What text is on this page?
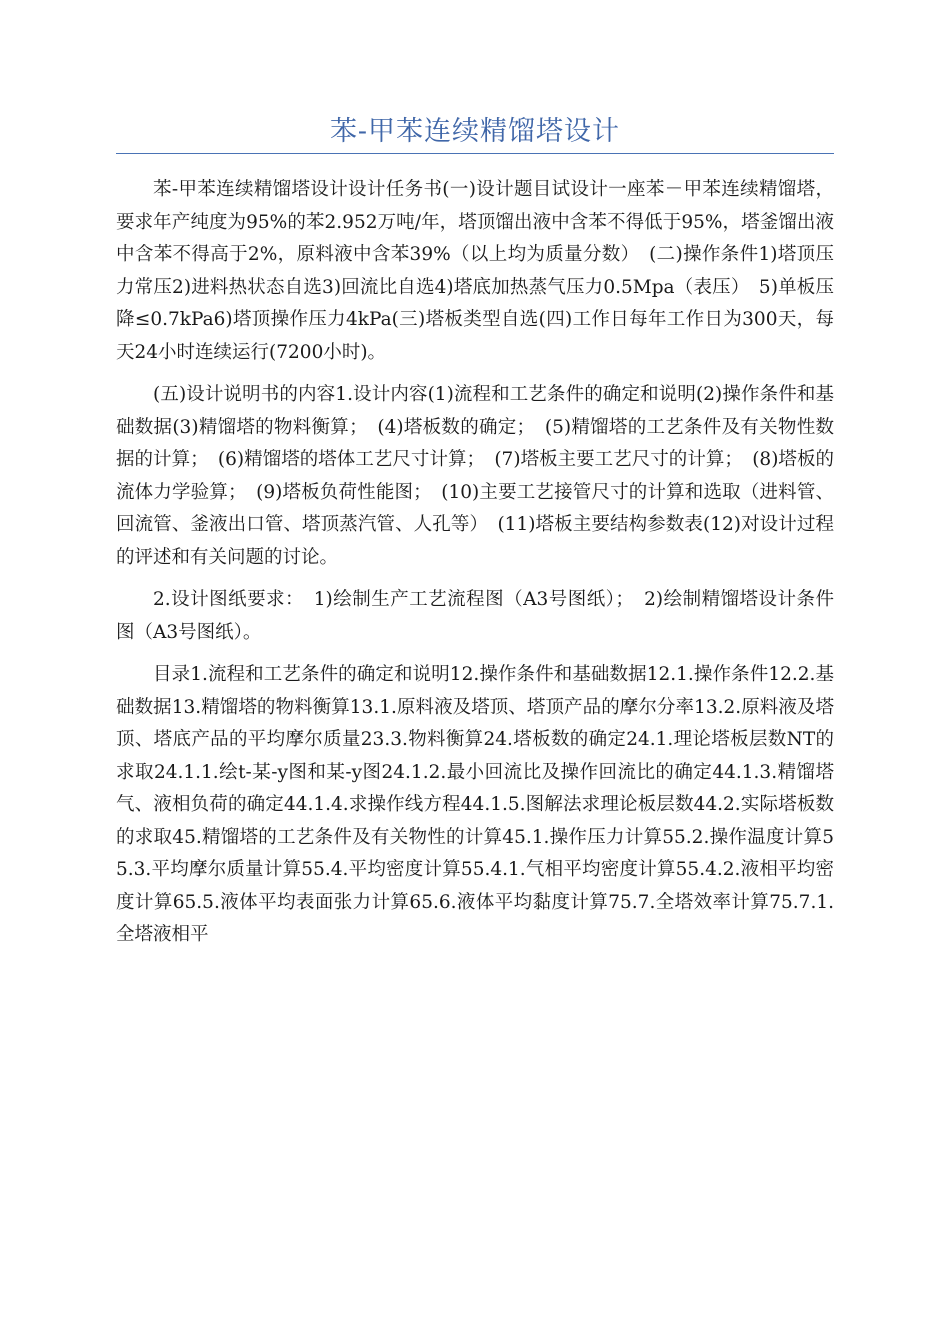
苯-甲苯连续精馏塔设计

苯-甲苯连续精馏塔设计设计任务书(一)设计题目试设计一座苯－甲苯连续精馏塔，要求年产纯度为95%的苯2.952万吨/年，塔顶馏出液中含苯不得低于95%，塔釜馏出液中含苯不得高于2%，原料液中含苯39%（以上均为质量分数）　(二)操作条件1)塔顶压力常压2)进料热状态自选3)回流比自选4)塔底加热蒸气压力0.5Mpa（表压）　5)单板压降≤0.7kPa6)塔顶操作压力4kPa(三)塔板类型自选(四)工作日每年工作日为300天，每天24小时连续运行(7200小时)。

(五)设计说明书的内容1.设计内容(1)流程和工艺条件的确定和说明(2)操作条件和基础数据(3)精馏塔的物料衡算；　(4)塔板数的确定；　(5)精馏塔的工艺条件及有关物性数据的计算；　(6)精馏塔的塔体工艺尺寸计算；　(7)塔板主要工艺尺寸的计算；　(8)塔板的流体力学验算；　(9)塔板负荷性能图；　(10)主要工艺接管尺寸的计算和选取（进料管、回流管、釜液出口管、塔顶蒸汽管、人孔等）　(11)塔板主要结构参数表(12)对设计过程的评述和有关问题的讨论。

2.设计图纸要求：　1)绘制生产工艺流程图（A3号图纸）；　2)绘制精馏塔设计条件图（A3号图纸）。

目录1.流程和工艺条件的确定和说明12.操作条件和基础数据12.1.操作条件12.2.基础数据13.精馏塔的物料衡算13.1.原料液及塔顶、塔顶产品的摩尔分率13.2.原料液及塔顶、塔底产品的平均摩尔质量23.3.物料衡算24.塔板数的确定24.1.理论塔板层数NT的求取24.1.1.绘t-某-y图和某-y图24.1.2.最小回流比及操作回流比的确定44.1.3.精馏塔气、液相负荷的确定44.1.4.求操作线方程44.1.5.图解法求理论板层数44.2.实际塔板数的求取45.精馏塔的工艺条件及有关物性的计算45.1.操作压力计算55.2.操作温度计算55.3.平均摩尔质量计算55.4.平均密度计算55.4.1.气相平均密度计算55.4.2.液相平均密度计算65.5.液体平均表面张力计算65.6.液体平均黏度计算75.7.全塔效率计算75.7.1.全塔液相平
